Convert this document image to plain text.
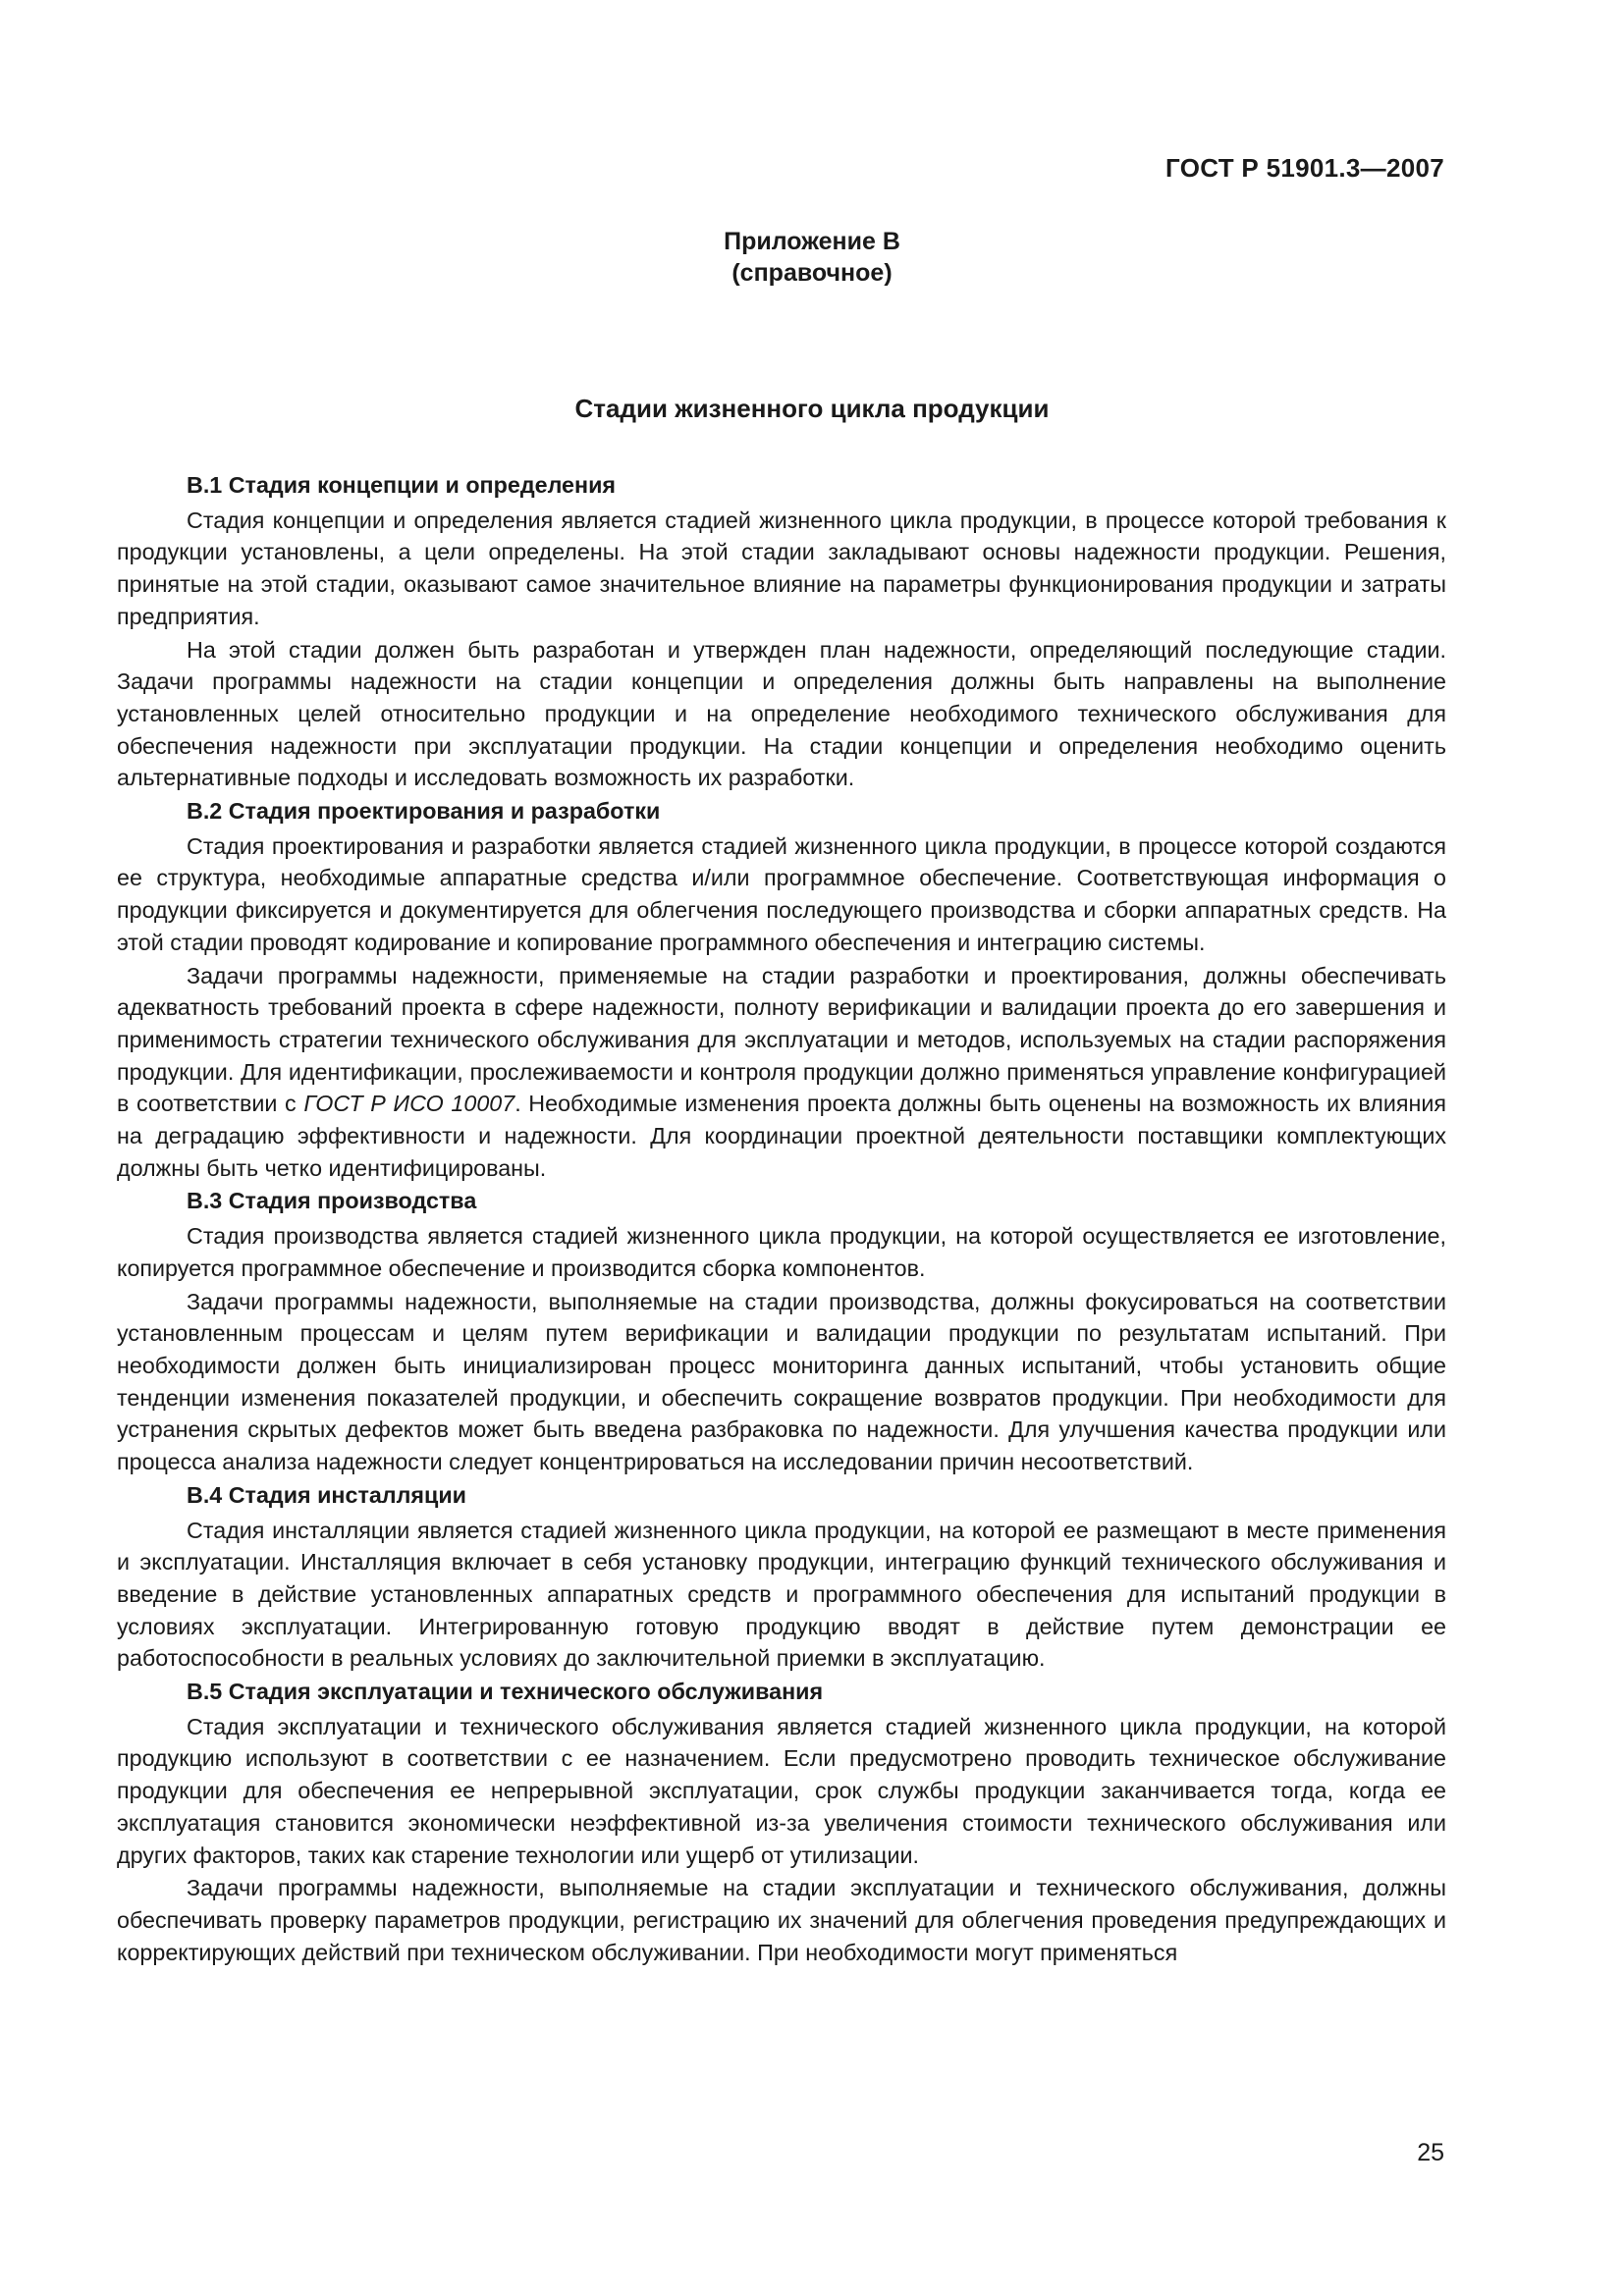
ГОСТ Р 51901.3—2007
Приложение В
(справочное)
Стадии жизненного цикла продукции
В.1 Стадия концепции и определения

Стадия концепции и определения является стадией жизненного цикла продукции, в процессе которой требования к продукции установлены, а цели определены. На этой стадии закладывают основы надежности продукции. Решения, принятые на этой стадии, оказывают самое значительное влияние на параметры функционирования продукции и затраты предприятия.

На этой стадии должен быть разработан и утвержден план надежности, определяющий последующие стадии. Задачи программы надежности на стадии концепции и определения должны быть направлены на выполнение установленных целей относительно продукции и на определение необходимого технического обслуживания для обеспечения надежности при эксплуатации продукции. На стадии концепции и определения необходимо оценить альтернативные подходы и исследовать возможность их разработки.

В.2 Стадия проектирования и разработки

Стадия проектирования и разработки является стадией жизненного цикла продукции, в процессе которой создаются ее структура, необходимые аппаратные средства и/или программное обеспечение. Соответствующая информация о продукции фиксируется и документируется для облегчения последующего производства и сборки аппаратных средств. На этой стадии проводят кодирование и копирование программного обеспечения и интеграцию системы.

Задачи программы надежности, применяемые на стадии разработки и проектирования, должны обеспечивать адекватность требований проекта в сфере надежности, полноту верификации и валидации проекта до его завершения и применимость стратегии технического обслуживания для эксплуатации и методов, используемых на стадии распоряжения продукции. Для идентификации, прослеживаемости и контроля продукции должно применяться управление конфигурацией в соответствии с ГОСТ Р ИСО 10007. Необходимые изменения проекта должны быть оценены на возможность их влияния на деградацию эффективности и надежности. Для координации проектной деятельности поставщики комплектующих должны быть четко идентифицированы.

В.3 Стадия производства

Стадия производства является стадией жизненного цикла продукции, на которой осуществляется ее изготовление, копируется программное обеспечение и производится сборка компонентов.

Задачи программы надежности, выполняемые на стадии производства, должны фокусироваться на соответствии установленным процессам и целям путем верификации и валидации продукции по результатам испытаний. При необходимости должен быть инициализирован процесс мониторинга данных испытаний, чтобы установить общие тенденции изменения показателей продукции, и обеспечить сокращение возвратов продукции. При необходимости для устранения скрытых дефектов может быть введена разбраковка по надежности. Для улучшения качества продукции или процесса анализа надежности следует концентрироваться на исследовании причин несоответствий.

В.4 Стадия инсталляции

Стадия инсталляции является стадией жизненного цикла продукции, на которой ее размещают в месте применения и эксплуатации. Инсталляция включает в себя установку продукции, интеграцию функций технического обслуживания и введение в действие установленных аппаратных средств и программного обеспечения для испытаний продукции в условиях эксплуатации. Интегрированную готовую продукцию вводят в действие путем демонстрации ее работоспособности в реальных условиях до заключительной приемки в эксплуатацию.

В.5 Стадия эксплуатации и технического обслуживания

Стадия эксплуатации и технического обслуживания является стадией жизненного цикла продукции, на которой продукцию используют в соответствии с ее назначением. Если предусмотрено проводить техническое обслуживание продукции для обеспечения ее непрерывной эксплуатации, срок службы продукции заканчивается тогда, когда ее эксплуатация становится экономически неэффективной из-за увеличения стоимости технического обслуживания или других факторов, таких как старение технологии или ущерб от утилизации.

Задачи программы надежности, выполняемые на стадии эксплуатации и технического обслуживания, должны обеспечивать проверку параметров продукции, регистрацию их значений для облегчения проведения предупреждающих и корректирующих действий при техническом обслуживании. При необходимости могут применяться

25
